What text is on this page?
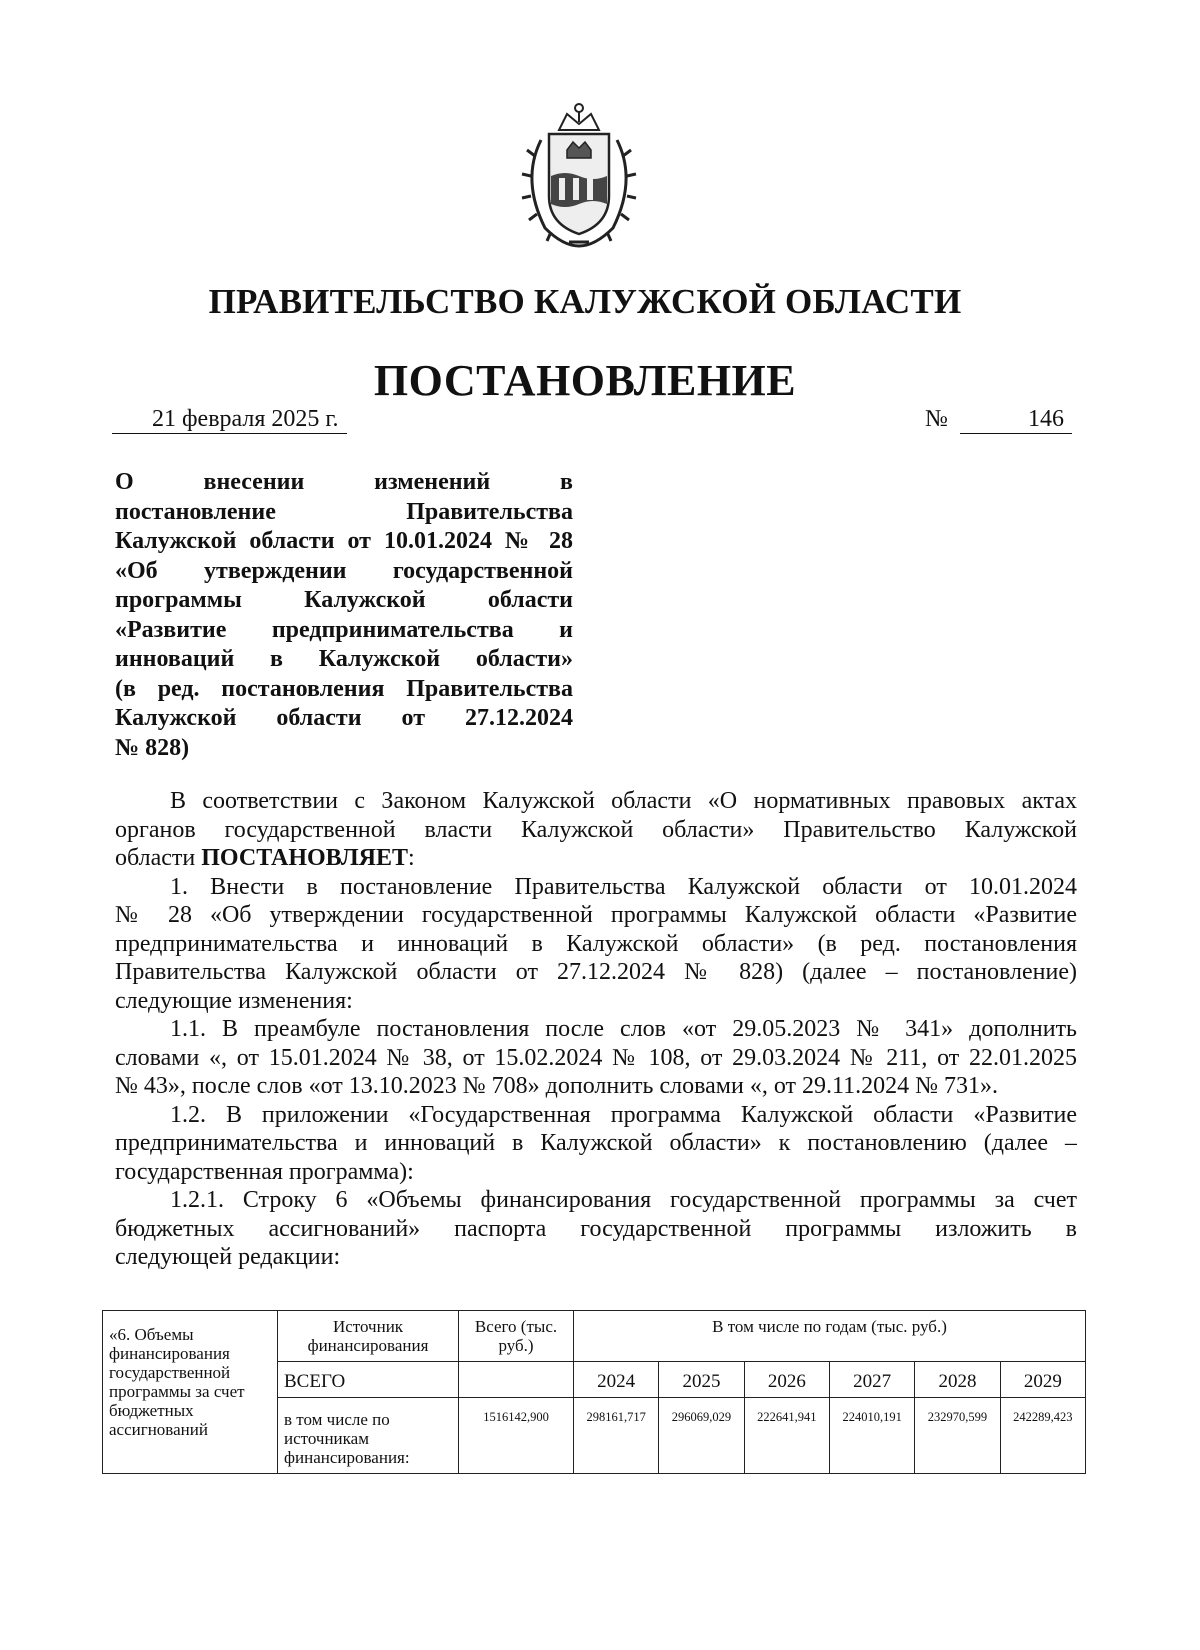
ПРАВИТЕЛЬСТВО КАЛУЖСКОЙ ОБЛАСТИ
ПОСТАНОВЛЕНИЕ
21 февраля 2025 г.	№	146
О внесении изменений в
постановление Правительства
Калужской области от 10.01.2024 № 28
«Об утверждении государственной
программы Калужской области
«Развитие предпринимательства и
инноваций в Калужской области»
(в ред. постановления Правительства
Калужской области от 27.12.2024
№ 828)
В соответствии с Законом Калужской области «О нормативных правовых актах
органов государственной власти Калужской области» Правительство Калужской
области ПОСТАНОВЛЯЕТ:
1. Внести в постановление Правительства Калужской области от 10.01.2024
№ 28 «Об утверждении государственной программы Калужской области «Развитие
предпринимательства и инноваций в Калужской области» (в ред. постановления
Правительства Калужской области от 27.12.2024 № 828) (далее – постановление)
следующие изменения:
1.1. В преамбуле постановления после слов «от 29.05.2023 № 341» дополнить
словами «, от 15.01.2024 № 38, от 15.02.2024 № 108, от 29.03.2024 № 211, от 22.01.2025
№ 43», после слов «от 13.10.2023 № 708» дополнить словами «, от 29.11.2024 № 731».
1.2. В приложении «Государственная программа Калужской области «Развитие
предпринимательства и инноваций в Калужской области» к постановлению (далее –
государственная программа):
1.2.1. Строку 6 «Объемы финансирования государственной программы за счет
бюджетных ассигнований» паспорта государственной программы изложить в
следующей редакции:
«6. Объемы финансирования государственной программы за счет бюджетных ассигнований	Источник финансирования	Всего (тыс. руб.)	В том числе по годам (тыс. руб.)					
	ВСЕГО		2024	2025	2026	2027	2028	2029
	в том числе по источникам финансирования:	1516142,900	298161,717	296069,029	222641,941	224010,191	232970,599	242289,423
